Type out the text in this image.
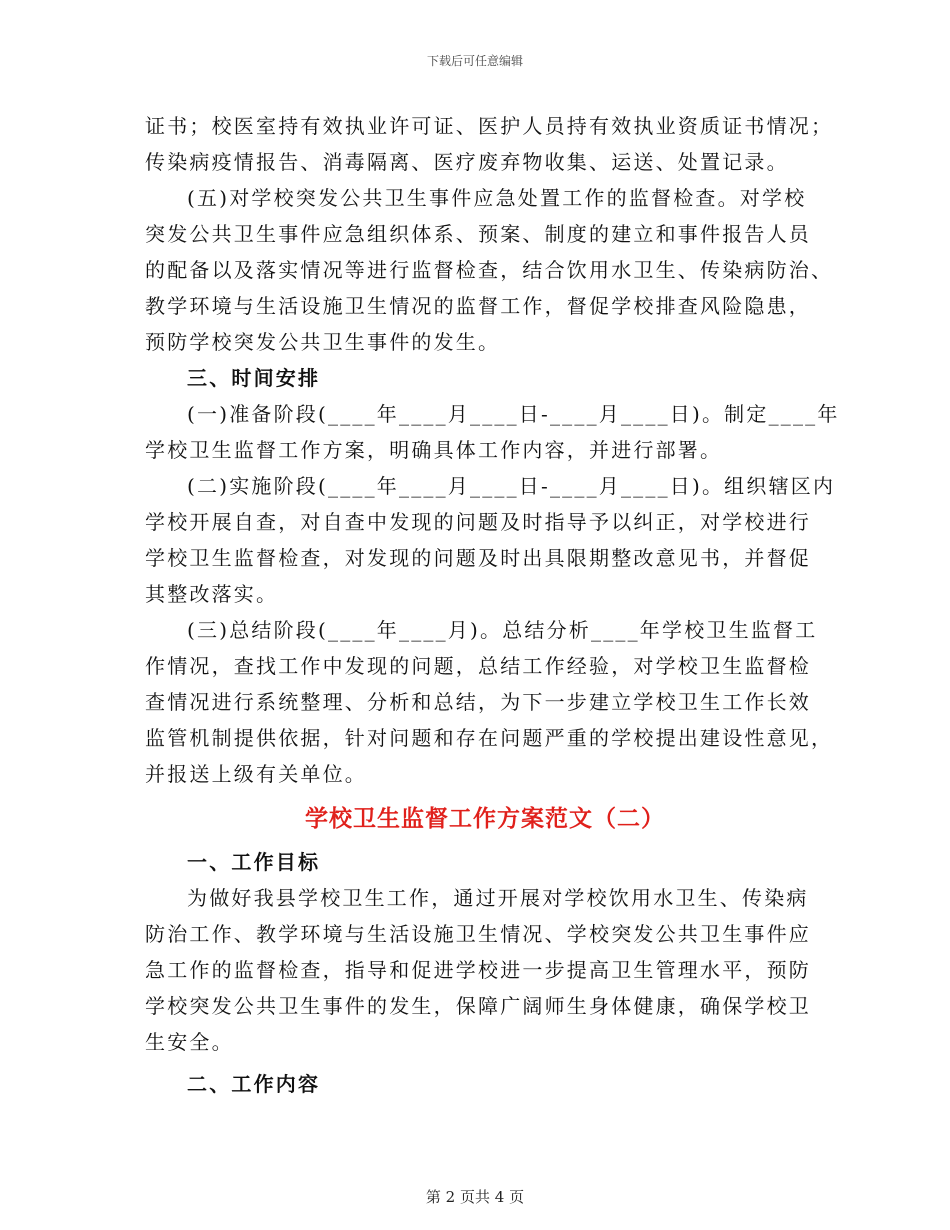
下载后可任意编辑
证书；校医室持有效执业许可证、医护人员持有效执业资质证书情况；
传染病疫情报告、消毒隔离、医疗废弃物收集、运送、处置记录。
(五)对学校突发公共卫生事件应急处置工作的监督检查。对学校
突发公共卫生事件应急组织体系、预案、制度的建立和事件报告人员
的配备以及落实情况等进行监督检查，结合饮用水卫生、传染病防治、
教学环境与生活设施卫生情况的监督工作，督促学校排查风险隐患，
预防学校突发公共卫生事件的发生。
三、时间安排
(一)准备阶段(____年____月____日-____月____日)。制定____年
学校卫生监督工作方案，明确具体工作内容，并进行部署。
(二)实施阶段(____年____月____日-____月____日)。组织辖区内
学校开展自查，对自查中发现的问题及时指导予以纠正，对学校进行
学校卫生监督检查，对发现的问题及时出具限期整改意见书，并督促
其整改落实。
(三)总结阶段(____年____月)。总结分析____年学校卫生监督工
作情况，查找工作中发现的问题，总结工作经验，对学校卫生监督检
查情况进行系统整理、分析和总结，为下一步建立学校卫生工作长效
监管机制提供依据，针对问题和存在问题严重的学校提出建设性意见，
并报送上级有关单位。
学校卫生监督工作方案范文（二）
一、工作目标
为做好我县学校卫生工作，通过开展对学校饮用水卫生、传染病
防治工作、教学环境与生活设施卫生情况、学校突发公共卫生事件应
急工作的监督检查，指导和促进学校进一步提高卫生管理水平，预防
学校突发公共卫生事件的发生，保障广阔师生身体健康，确保学校卫
生安全。
二、工作内容
第 2 页共 4 页
